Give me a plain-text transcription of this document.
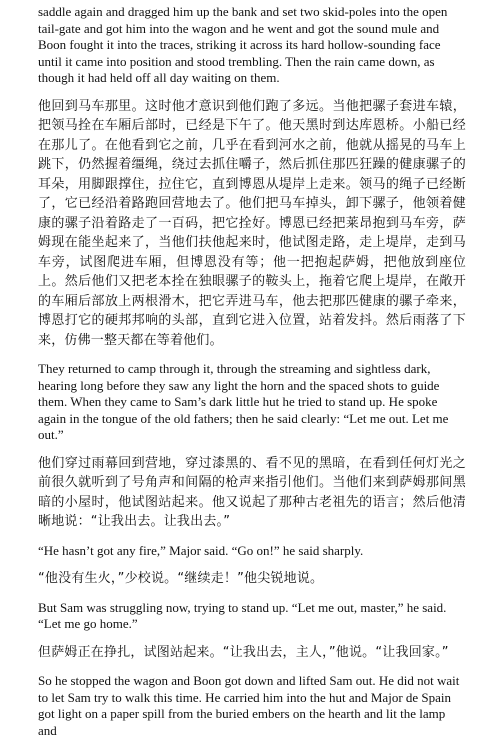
saddle again and dragged him up the bank and set two skid-poles into the open tail-gate and got him into the wagon and he went and got the sound mule and Boon fought it into the traces, striking it across its hard hollow-sounding face until it came into position and stood trembling. Then the rain came down, as though it had held off all day waiting on them.

他回到马车那里。这时他才意识到他们跑了多远。当他把骡子套进车辕，把领马拴在车厢后部时，已经是下午了。他天黑时到达库恩桥。小船已经在那儿了。在他看到它之前，几乎在看到河水之前，他就从摇晃的马车上跳下，仍然握着缰绳，绕过去抓住嚼子，然后抓住那匹狂躁的健康骡子的耳朵，用脚跟撑住，拉住它，直到博恩从堤岸上走来。领马的绳子已经断了，它已经沿着路跑回营地去了。他们把马车掉头，卸下骡子，他领着健康的骡子沿着路走了一百码，把它拴好。博恩已经把莱昂抱到马车旁，萨姆现在能坐起来了，当他们扶他起来时，他试图走路，走上堤岸，走到马车旁，试图爬进车厢，但博恩没有等；他一把抱起萨姆，把他放到座位上。然后他们又把老本拴在独眼骡子的鞍头上，拖着它爬上堤岸，在敞开的车厢后部放上两根滑木，把它弄进马车，他去把那匹健康的骡子牵来，博恩打它的硬邦邦响的头部，直到它进入位置，站着发抖。然后雨落了下来，仿佛一整天都在等着他们。

They returned to camp through it, through the streaming and sightless dark, hearing long before they saw any light the horn and the spaced shots to guide them. When they came to Sam’s dark little hut he tried to stand up. He spoke again in the tongue of the old fathers; then he said clearly: “Let me out. Let me out.”

他们穿过雨幕回到营地，穿过漆黑的、看不见的黑暗，在看到任何灯光之前很久就听到了号角声和间隔的枪声来指引他们。当他们来到萨姆那间黑暗的小屋时，他试图站起来。他又说起了那种古老祖先的语言；然后他清晰地说：“让我出去。让我出去。”

“He hasn’t got any fire,” Major said. “Go on!” he said sharply.

“他没有生火，”少校说。“继续走！”他尖锐地说。

But Sam was struggling now, trying to stand up. “Let me out, master,” he said. “Let me go home.”

但萨姆正在挣扎，试图站起来。“让我出去，主人，”他说。“让我回家。”

So he stopped the wagon and Boon got down and lifted Sam out. He did not wait to let Sam try to walk this time. He carried him into the hut and Major de Spain got light on a paper spill from the buried embers on the hearth and lit the lamp and
